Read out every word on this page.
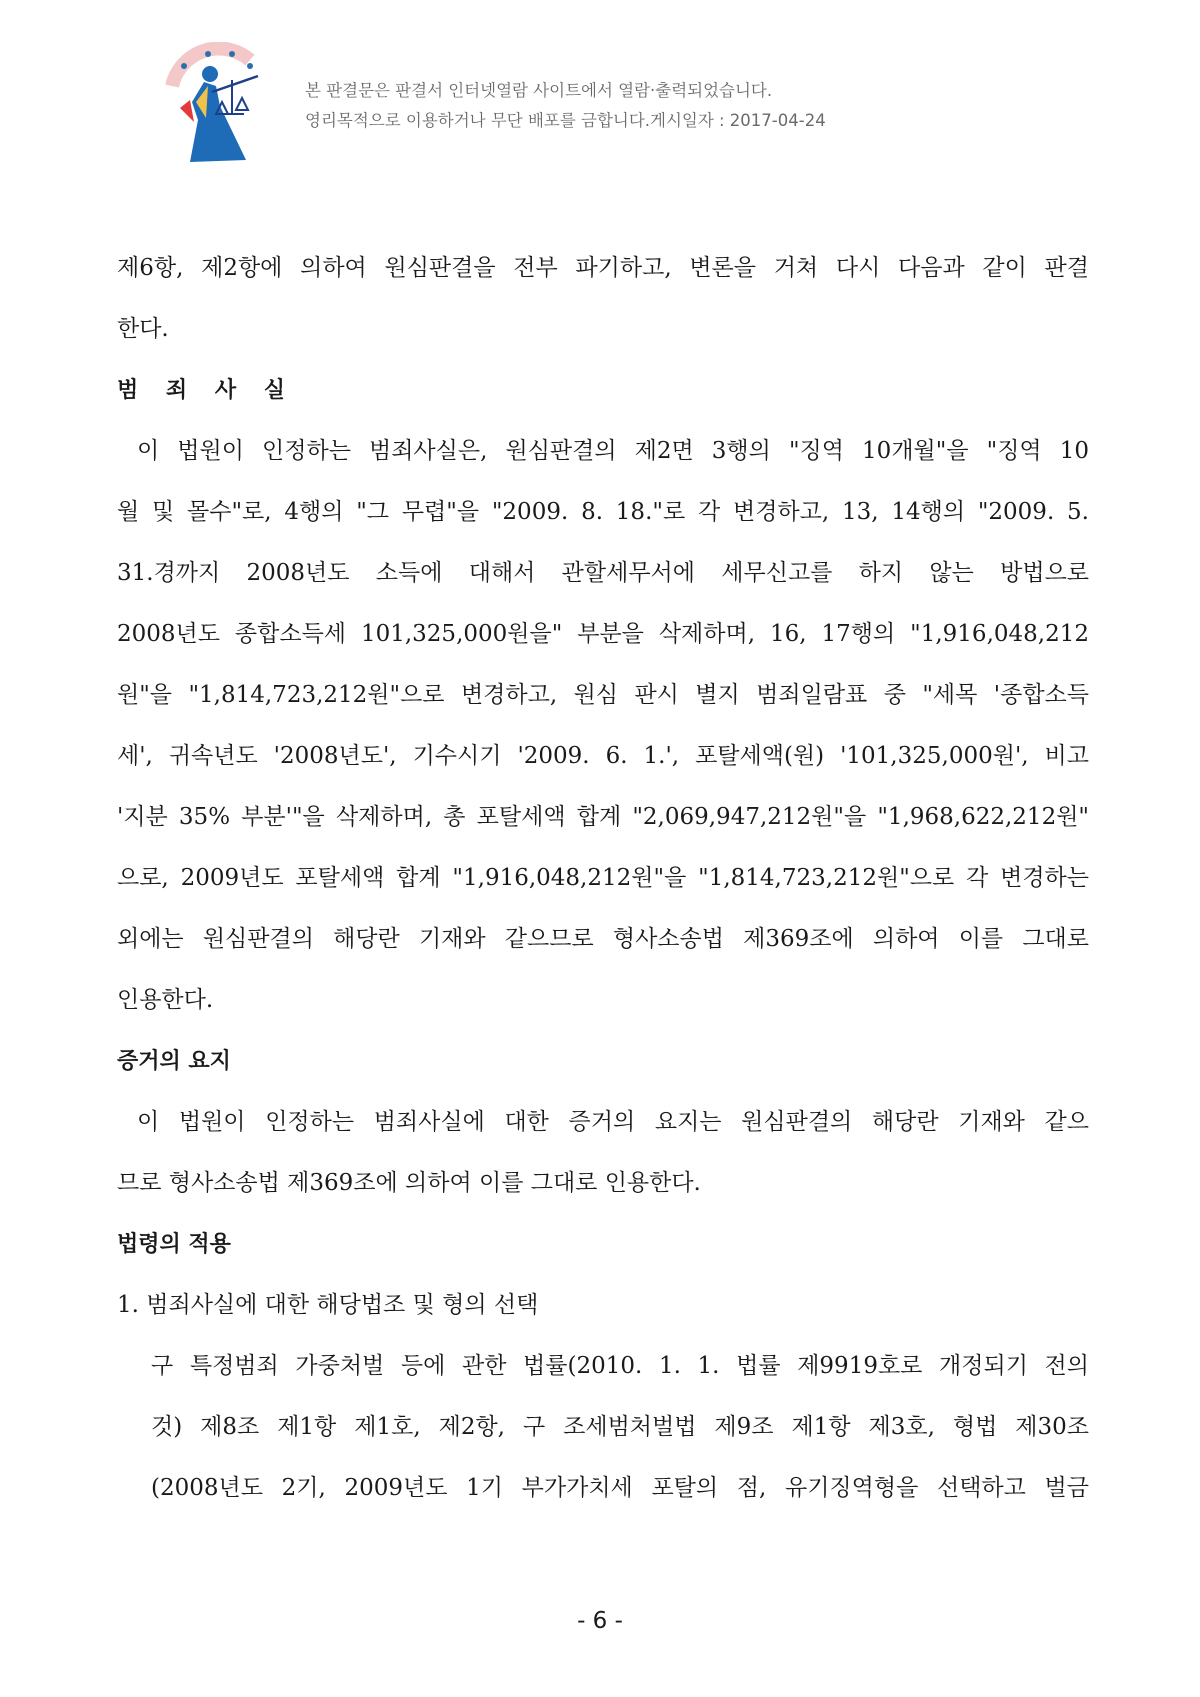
본 판결문은 판결서 인터넷열람 사이트에서 열람·출력되었습니다.
영리목적으로 이용하거나 무단 배포를 금합니다.게시일자 : 2017-04-24
제6항, 제2항에 의하여 원심판결을 전부 파기하고, 변론을 거쳐 다시 다음과 같이 판결
한다.
범 죄 사 실
이 법원이 인정하는 범죄사실은, 원심판결의 제2면 3행의 "징역 10개월"을 "징역 10
월 및 몰수"로, 4행의 "그 무렵"을 "2009. 8. 18."로 각 변경하고, 13, 14행의 "2009. 5.
31.경까지 2008년도 소득에 대해서 관할세무서에 세무신고를 하지 않는 방법으로
2008년도 종합소득세 101,325,000원을" 부분을 삭제하며, 16, 17행의 "1,916,048,212
원"을 "1,814,723,212원"으로 변경하고, 원심 판시 별지 범죄일람표 중 "세목 '종합소득
세', 귀속년도 '2008년도', 기수시기 '2009. 6. 1.', 포탈세액(원) '101,325,000원', 비고
'지분 35% 부분'"을 삭제하며, 총 포탈세액 합계 "2,069,947,212원"을 "1,968,622,212원"
으로, 2009년도 포탈세액 합계 "1,916,048,212원"을 "1,814,723,212원"으로 각 변경하는
외에는 원심판결의 해당란 기재와 같으므로 형사소송법 제369조에 의하여 이를 그대로
인용한다.
증거의 요지
이 법원이 인정하는 범죄사실에 대한 증거의 요지는 원심판결의 해당란 기재와 같으
므로 형사소송법 제369조에 의하여 이를 그대로 인용한다.
법령의 적용
1. 범죄사실에 대한 해당법조 및 형의 선택
구 특정범죄 가중처벌 등에 관한 법률(2010. 1. 1. 법률 제9919호로 개정되기 전의
것) 제8조 제1항 제1호, 제2항, 구 조세범처벌법 제9조 제1항 제3호, 형법 제30조
(2008년도 2기, 2009년도 1기 부가가치세 포탈의 점, 유기징역형을 선택하고 벌금
- 6 -
